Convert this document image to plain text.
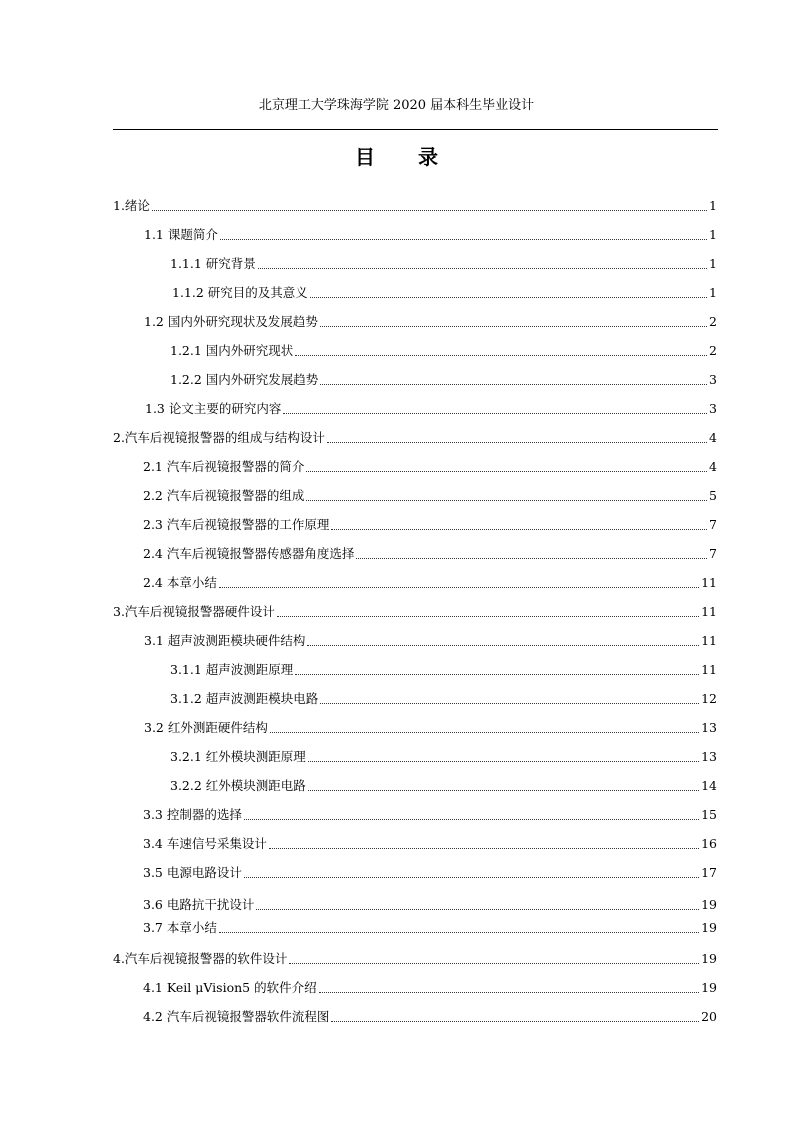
北京理工大学珠海学院 2020 届本科生毕业设计
目 录
1.绪论	1
1.1 课题简介	1
1.1.1 研究背景	1
1.1.2 研究目的及其意义	1
1.2 国内外研究现状及发展趋势	2
1.2.1 国内外研究现状	2
1.2.2 国内外研究发展趋势	3
1.3 论文主要的研究内容	3
2.汽车后视镜报警器的组成与结构设计	4
2.1 汽车后视镜报警器的简介	4
2.2 汽车后视镜报警器的组成	5
2.3 汽车后视镜报警器的工作原理	7
2.4 汽车后视镜报警器传感器角度选择	7
2.4 本章小结	11
3.汽车后视镜报警器硬件设计	11
3.1 超声波测距模块硬件结构	11
3.1.1 超声波测距原理	11
3.1.2 超声波测距模块电路	12
3.2 红外测距硬件结构	13
3.2.1 红外模块测距原理	13
3.2.2 红外模块测距电路	14
3.3 控制器的选择	15
3.4 车速信号采集设计	16
3.5 电源电路设计	17
3.6 电路抗干扰设计	19
3.7 本章小结	19
4.汽车后视镜报警器的软件设计	19
4.1 Keil μVision5 的软件介绍	19
4.2 汽车后视镜报警器软件流程图	20
